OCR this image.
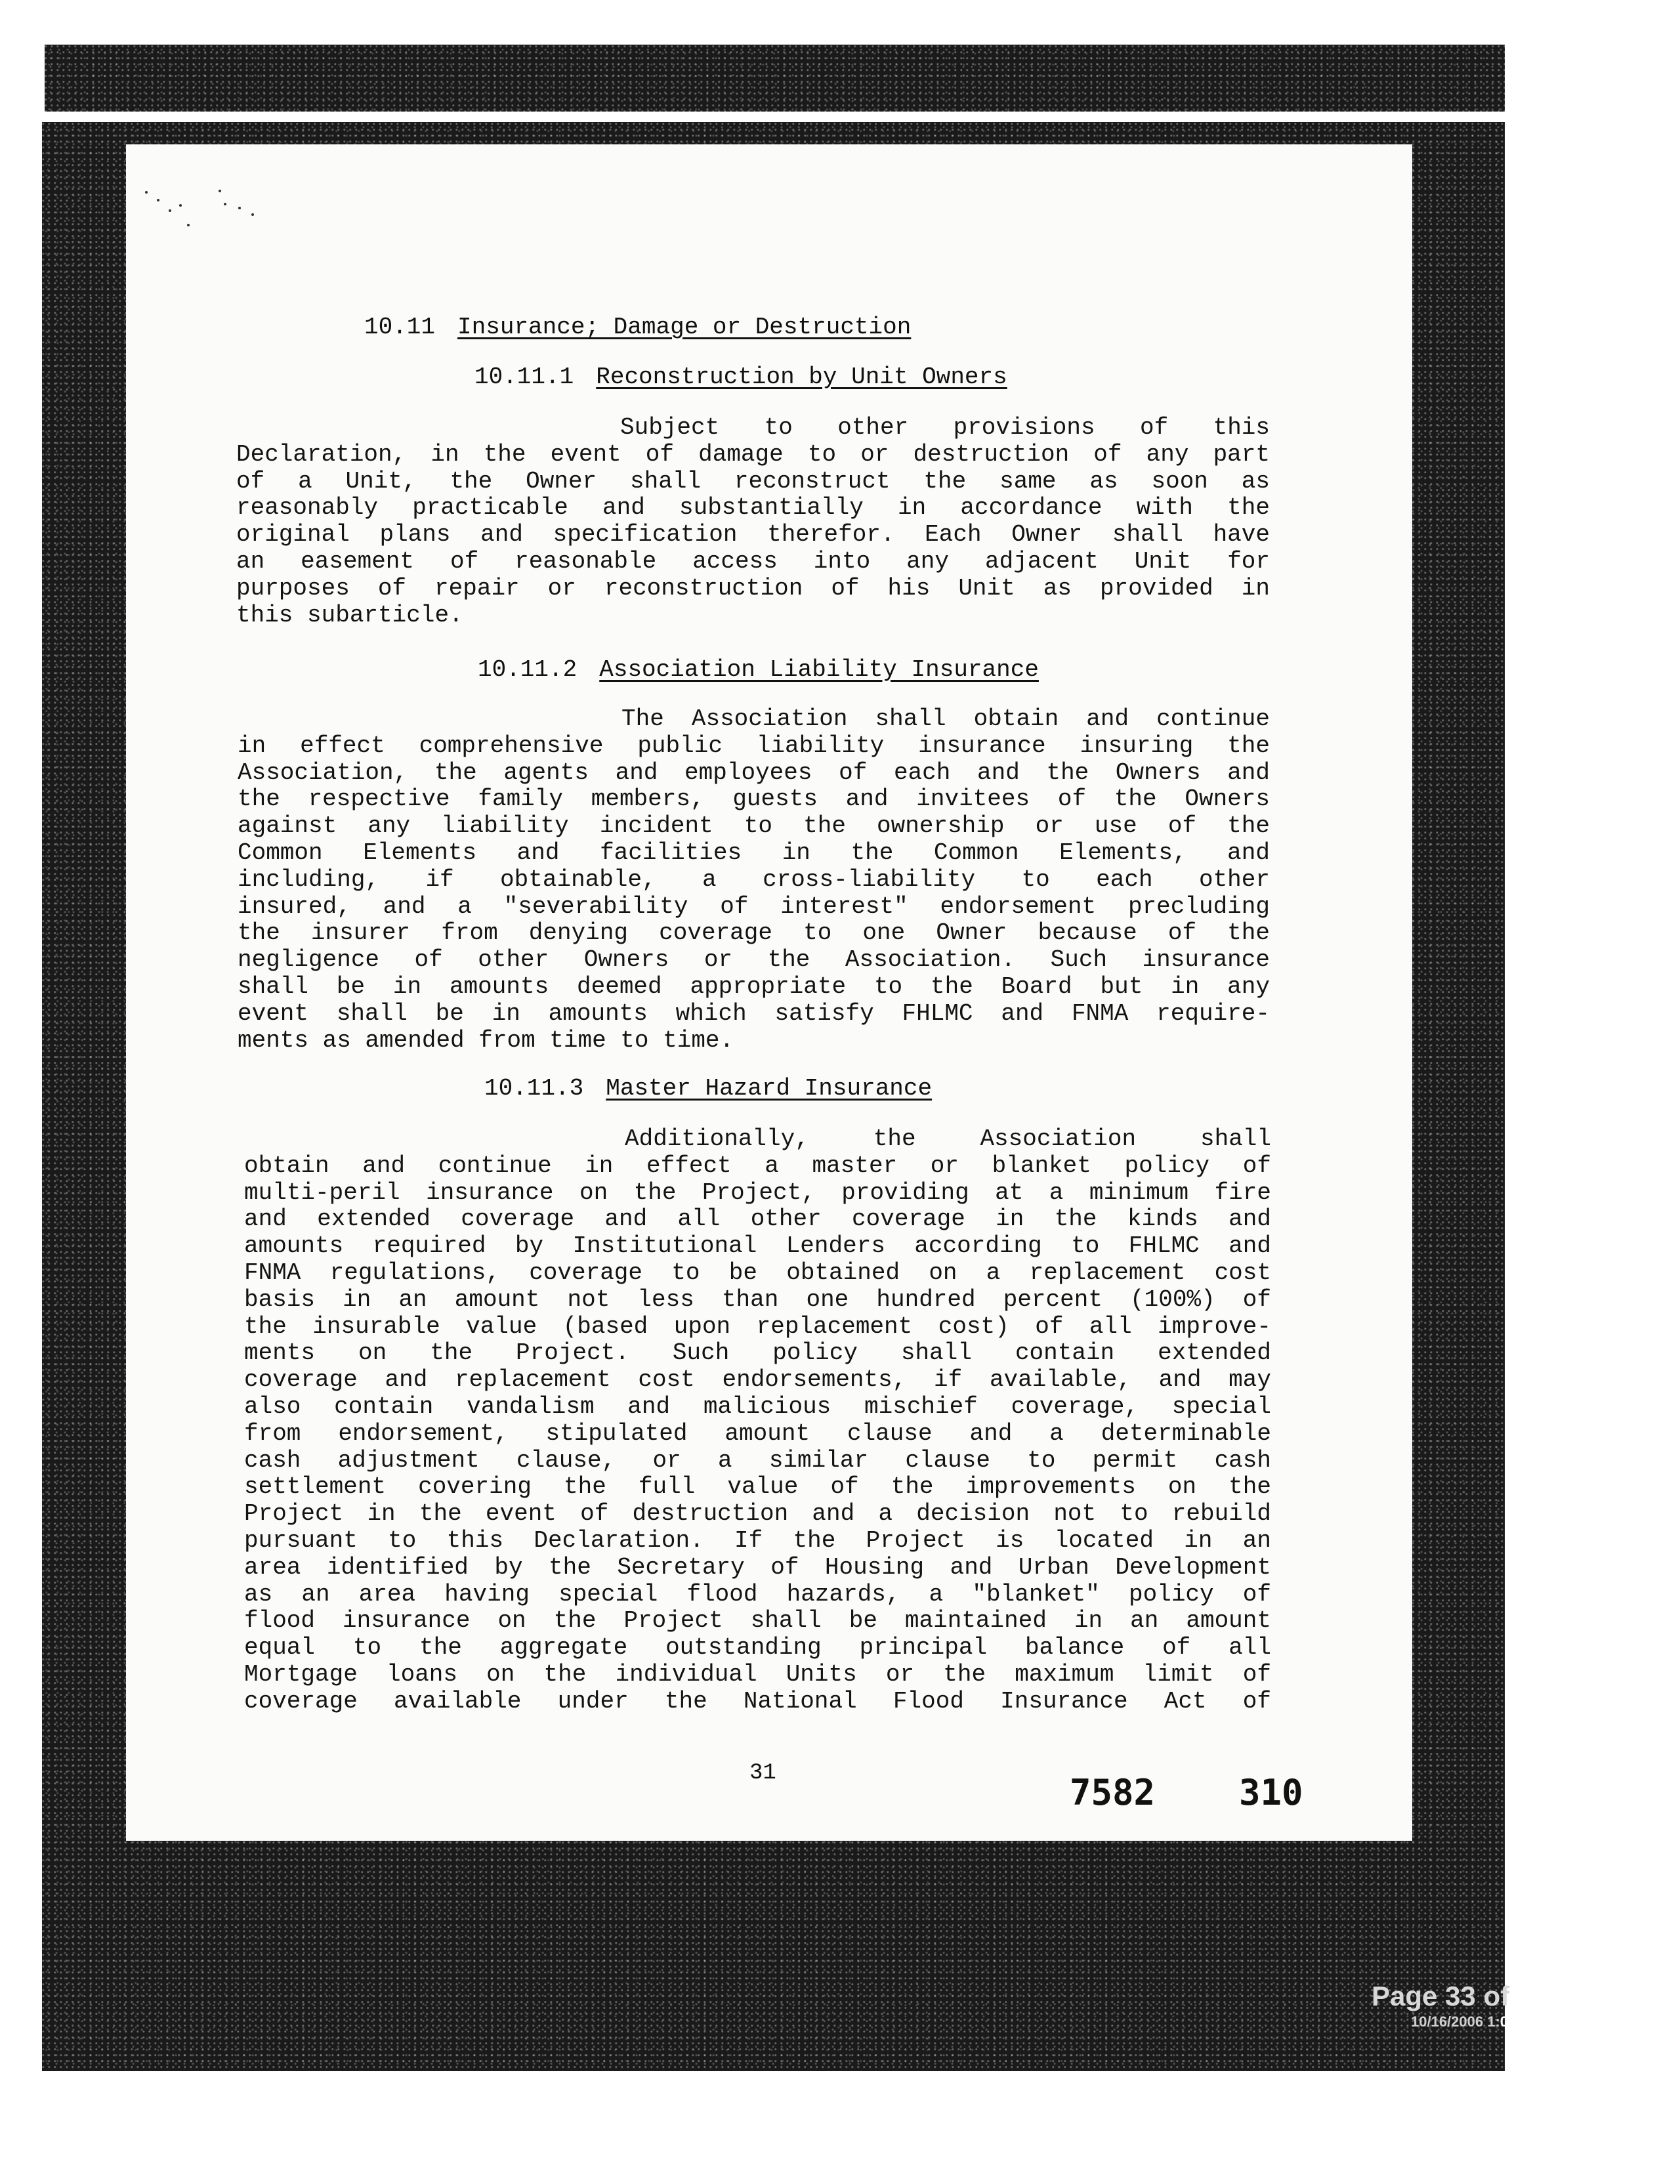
10.11 Insurance; Damage or Destruction
10.11.1 Reconstruction by Unit Owners
Subject to other provisions of this
Declaration, in the event of damage to or destruction of any part
of a Unit, the Owner shall reconstruct the same as soon as
reasonably practicable and substantially in accordance with the
original plans and specification therefor. Each Owner shall have
an easement of reasonable access into any adjacent Unit for
purposes of repair or reconstruction of his Unit as provided in
this subarticle.
10.11.2 Association Liability Insurance
The Association shall obtain and continue
in effect comprehensive public liability insurance insuring the
Association, the agents and employees of each and the Owners and
the respective family members, guests and invitees of the Owners
against any liability incident to the ownership or use of the
Common Elements and facilities in the Common Elements, and
including, if obtainable, a cross-liability to each other
insured, and a "severability of interest" endorsement precluding
the insurer from denying coverage to one Owner because of the
negligence of other Owners or the Association. Such insurance
shall be in amounts deemed appropriate to the Board but in any
event shall be in amounts which satisfy FHLMC and FNMA require-
ments as amended from time to time.
10.11.3 Master Hazard Insurance
Additionally, the Association shall
obtain and continue in effect a master or blanket policy of
multi-peril insurance on the Project, providing at a minimum fire
and extended coverage and all other coverage in the kinds and
amounts required by Institutional Lenders according to FHLMC and
FNMA regulations, coverage to be obtained on a replacement cost
basis in an amount not less than one hundred percent (100%) of
the insurable value (based upon replacement cost) of all improve-
ments on the Project. Such policy shall contain extended
coverage and replacement cost endorsements, if available, and may
also contain vandalism and malicious mischief coverage, special
from endorsement, stipulated amount clause and a determinable
cash adjustment clause, or a similar clause to permit cash
settlement covering the full value of the improvements on the
Project in the event of destruction and a decision not to rebuild
pursuant to this Declaration. If the Project is located in an
area identified by the Secretary of Housing and Urban Development
as an area having special flood hazards, a "blanket" policy of
flood insurance on the Project shall be maintained in an amount
equal to the aggregate outstanding principal balance of all
Mortgage loans on the individual Units or the maximum limit of
coverage available under the National Flood Insurance Act of
31	7582 310
Page 33 of 44
10/16/2006 1:06 PM
